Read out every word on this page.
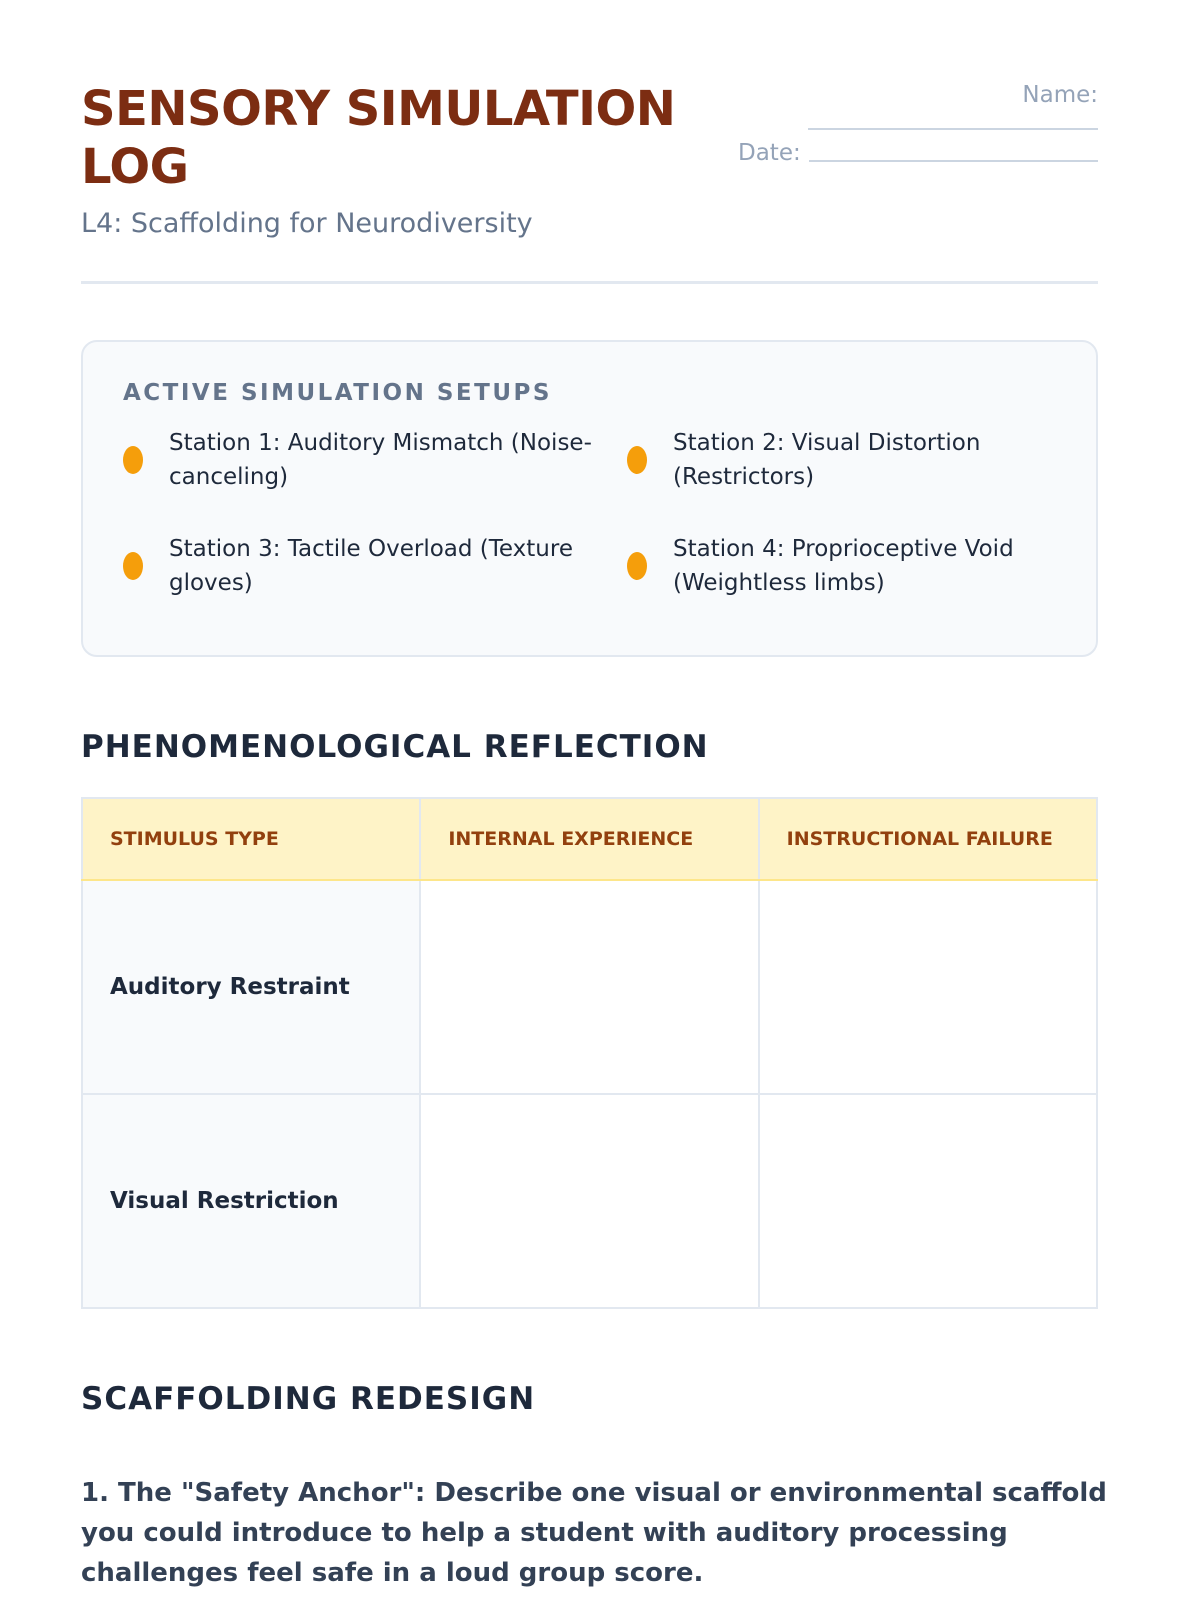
SENSORY SIMULATION LOG
L4: Scaffolding for Neurodiversity
Name:
Date:
ACTIVE SIMULATION SETUPS
Station 1: Auditory Mismatch (Noise-canceling)
Station 2: Visual Distortion (Restrictors)
Station 3: Tactile Overload (Texture gloves)
Station 4: Proprioceptive Void (Weightless limbs)
PHENOMENOLOGICAL REFLECTION
STIMULUS TYPE	INTERNAL EXPERIENCE	INSTRUCTIONAL FAILURE
Auditory Restraint		
Visual Restriction		
SCAFFOLDING REDESIGN

1. The "Safety Anchor": Describe one visual or environmental scaffold you could introduce to help a student with auditory processing challenges feel safe in a loud group score.
